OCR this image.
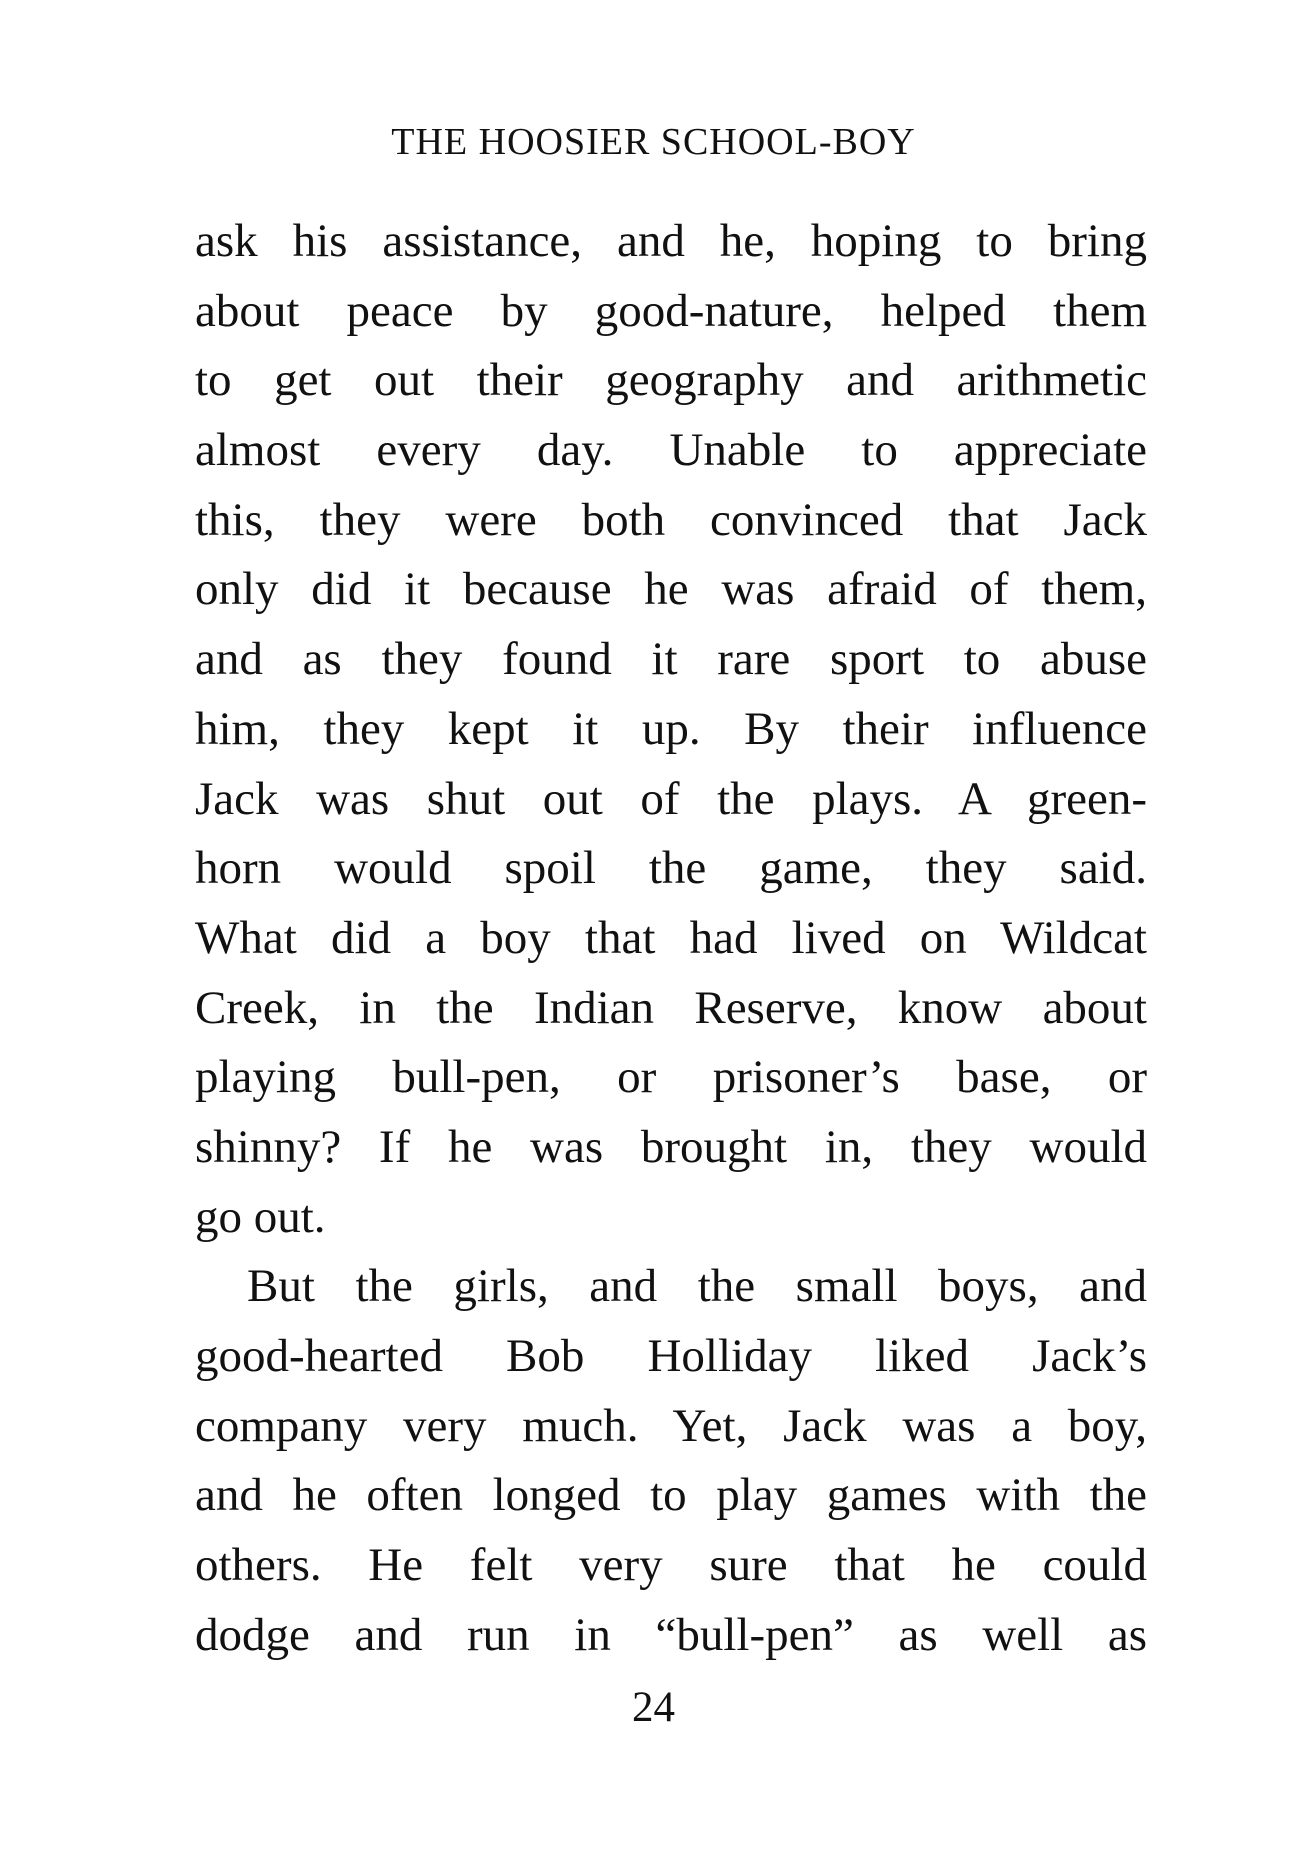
THE HOOSIER SCHOOL-BOY
ask his assistance, and he, hoping to bring
about peace by good-nature, helped them
to get out their geography and arithmetic
almost every day. Unable to appreciate
this, they were both convinced that Jack
only did it because he was afraid of them,
and as they found it rare sport to abuse
him, they kept it up. By their influence
Jack was shut out of the plays. A green-
horn would spoil the game, they said.
What did a boy that had lived on Wildcat
Creek, in the Indian Reserve, know about
playing bull-pen, or prisoner’s base, or
shinny? If he was brought in, they would
go out.
But the girls, and the small boys, and
good-hearted Bob Holliday liked Jack’s
company very much. Yet, Jack was a boy,
and he often longed to play games with the
others. He felt very sure that he could
dodge and run in “bull-pen” as well as
24
